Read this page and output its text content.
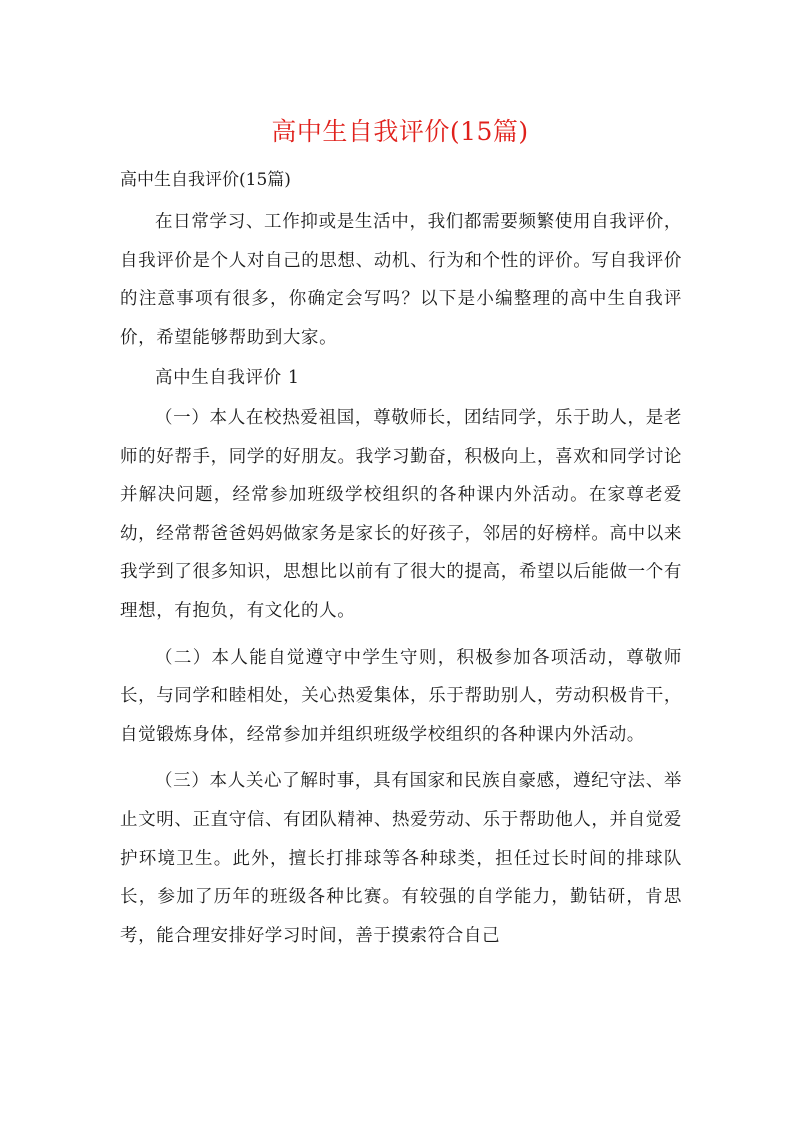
高中生自我评价(15篇)

高中生自我评价(15篇)

在日常学习、工作抑或是生活中，我们都需要频繁使用自我评价，自我评价是个人对自己的思想、动机、行为和个性的评价。写自我评价的注意事项有很多，你确定会写吗？以下是小编整理的高中生自我评价，希望能够帮助到大家。

高中生自我评价 1

（一）本人在校热爱祖国，尊敬师长，团结同学，乐于助人，是老师的好帮手，同学的好朋友。我学习勤奋，积极向上，喜欢和同学讨论并解决问题，经常参加班级学校组织的各种课内外活动。在家尊老爱幼，经常帮爸爸妈妈做家务是家长的好孩子，邻居的好榜样。高中以来我学到了很多知识，思想比以前有了很大的提高，希望以后能做一个有理想，有抱负，有文化的人。

（二）本人能自觉遵守中学生守则，积极参加各项活动，尊敬师长，与同学和睦相处，关心热爱集体，乐于帮助别人，劳动积极肯干，自觉锻炼身体，经常参加并组织班级学校组织的各种课内外活动。

（三）本人关心了解时事，具有国家和民族自豪感，遵纪守法、举止文明、正直守信、有团队精神、热爱劳动、乐于帮助他人，并自觉爱护环境卫生。此外，擅长打排球等各种球类，担任过长时间的排球队长，参加了历年的班级各种比赛。有较强的自学能力，勤钻研，肯思考，能合理安排好学习时间，善于摸索符合自己
